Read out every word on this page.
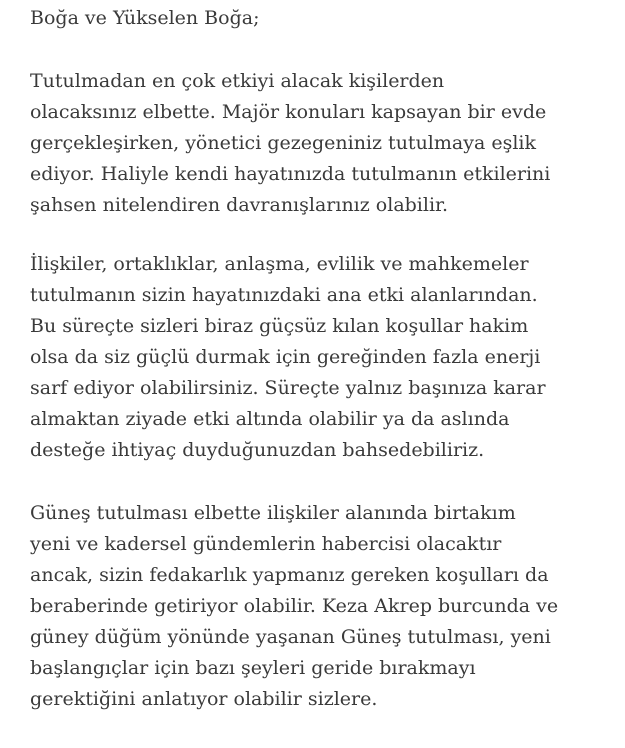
Boğa ve Yükselen Boğa;

Tutulmadan en çok etkiyi alacak kişilerden
olacaksınız elbette. Majör konuları kapsayan bir evde
gerçekleşirken, yönetici gezegeniniz tutulmaya eşlik
ediyor. Haliyle kendi hayatınızda tutulmanın etkilerini
şahsen nitelendiren davranışlarınız olabilir.

İlişkiler, ortaklıklar, anlaşma, evlilik ve mahkemeler
tutulmanın sizin hayatınızdaki ana etki alanlarından.
Bu süreçte sizleri biraz güçsüz kılan koşullar hakim
olsa da siz güçlü durmak için gereğinden fazla enerji
sarf ediyor olabilirsiniz. Süreçte yalnız başınıza karar
almaktan ziyade etki altında olabilir ya da aslında
desteğe ihtiyaç duyduğunuzdan bahsedebiliriz.

Güneş tutulması elbette ilişkiler alanında birtakım
yeni ve kadersel gündemlerin habercisi olacaktır
ancak, sizin fedakarlık yapmanız gereken koşulları da
beraberinde getiriyor olabilir. Keza Akrep burcunda ve
güney düğüm yönünde yaşanan Güneş tutulması, yeni
başlangıçlar için bazı şeyleri geride bırakmayı
gerektiğini anlatıyor olabilir sizlere.
